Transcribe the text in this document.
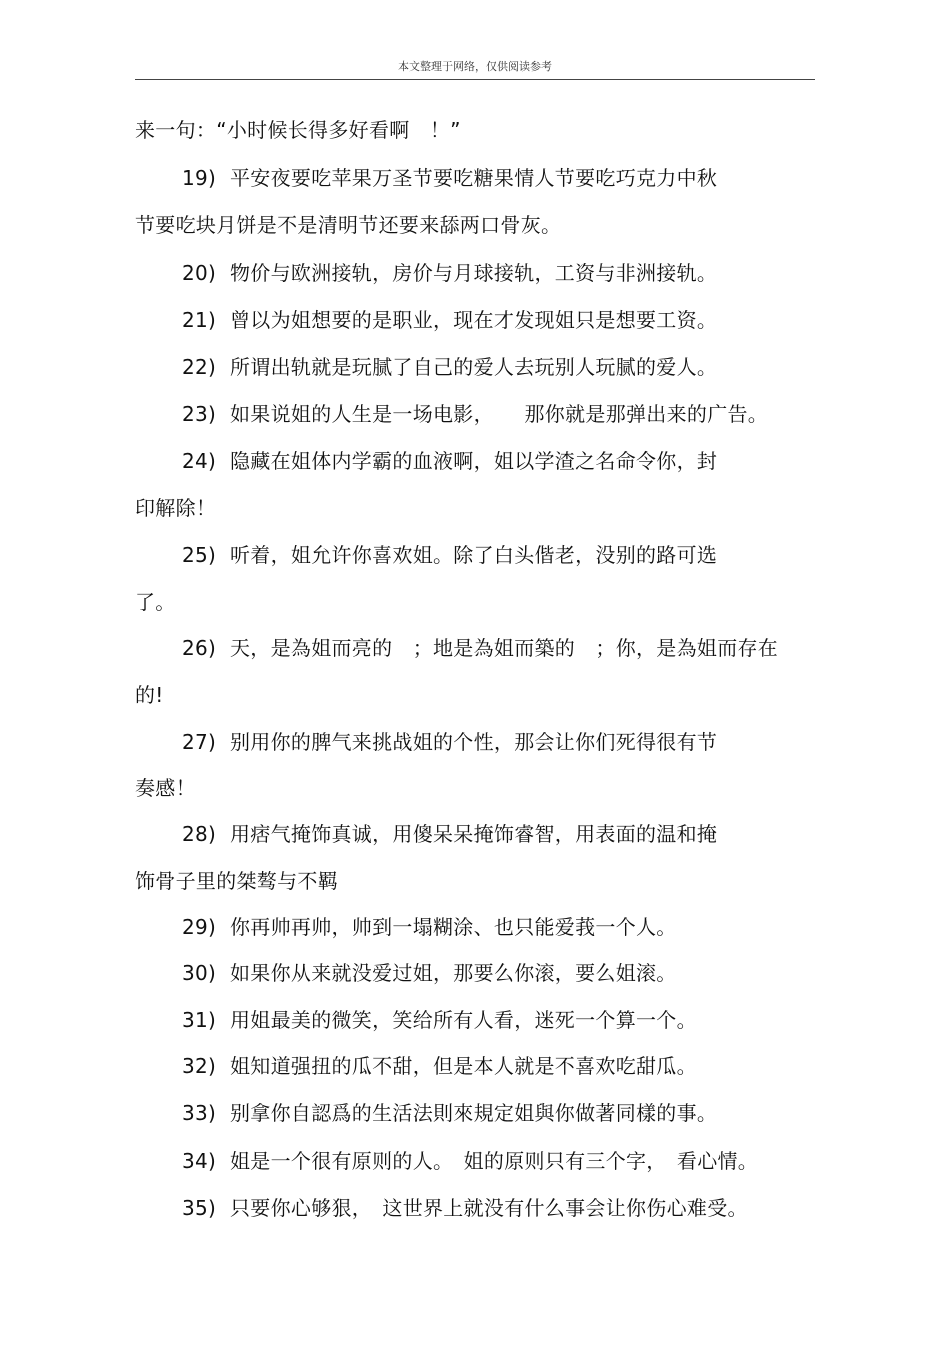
本文整理于网络，仅供阅读参考
来一句：“小时候长得多好看啊　！”
19) 平安夜要吃苹果万圣节要吃糖果情人节要吃巧克力中秋
节要吃块月饼是不是清明节还要来舔两口骨灰。
20) 物价与欧洲接轨，房价与月球接轨，工资与非洲接轨。
21) 曾以为姐想要的是职业，现在才发现姐只是想要工资。
22) 所谓出轨就是玩腻了自己的爱人去玩别人玩腻的爱人。
23) 如果说姐的人生是一场电影，　　那你就是那弹出来的广告。
24) 隐藏在姐体内学霸的血液啊，姐以学渣之名命令你，封
印解除！
25) 听着，姐允许你喜欢姐。除了白头偕老，没别的路可选
了。
26) 天，是為姐而亮的　；地是為姐而築的　；你，是為姐而存在
的!
27) 别用你的脾气来挑战姐的个性，那会让你们死得很有节
奏感！
28) 用痞气掩饰真诚，用傻呆呆掩饰睿智，用表面的温和掩
饰骨子里的桀骜与不羁
29) 你再帅再帅，帅到一塌糊涂、也只能爱莪一个人。
30) 如果你从来就没爱过姐，那要么你滚，要么姐滚。
31) 用姐最美的微笑，笑给所有人看，迷死一个算一个。
32) 姐知道强扭的瓜不甜，但是本人就是不喜欢吃甜瓜。
33) 别拿你自認爲的生活法則來規定姐與你做著同樣的事。
34) 姐是一个很有原则的人。　姐的原则只有三个字，　看心情。
35) 只要你心够狠，　这世界上就没有什么事会让你伤心难受。
